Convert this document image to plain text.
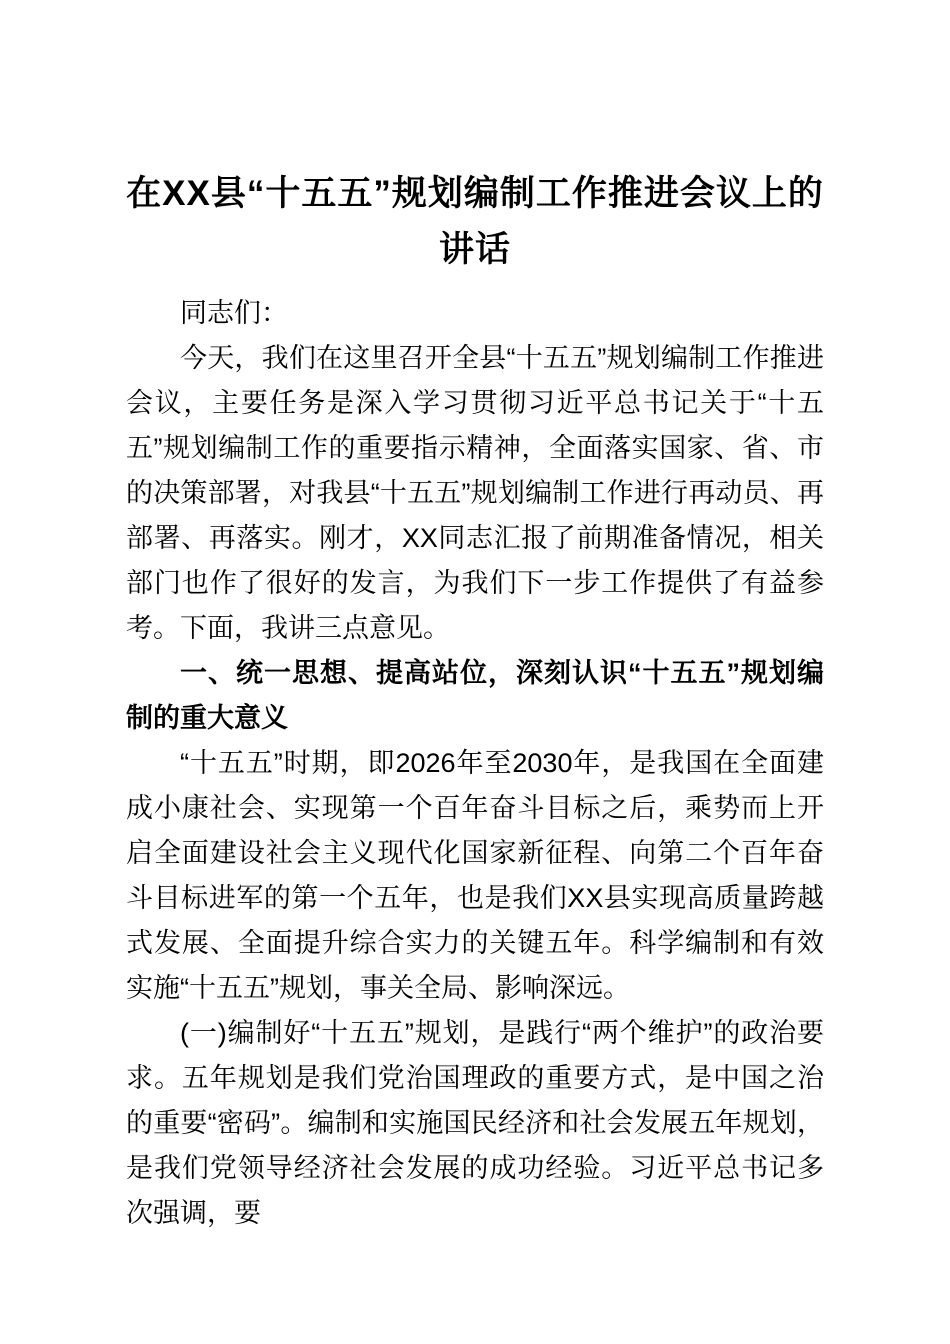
在XX县“十五五”规划编制工作推进会议上的讲话

同志们：

今天，我们在这里召开全县“十五五”规划编制工作推进会议，主要任务是深入学习贯彻习近平总书记关于“十五五”规划编制工作的重要指示精神，全面落实国家、省、市的决策部署，对我县“十五五”规划编制工作进行再动员、再部署、再落实。刚才，XX同志汇报了前期准备情况，相关部门也作了很好的发言，为我们下一步工作提供了有益参考。下面，我讲三点意见。

一、统一思想、提高站位，深刻认识“十五五”规划编制的重大意义

“十五五”时期，即2026年至2030年，是我国在全面建成小康社会、实现第一个百年奋斗目标之后，乘势而上开启全面建设社会主义现代化国家新征程、向第二个百年奋斗目标进军的第一个五年，也是我们XX县实现高质量跨越式发展、全面提升综合实力的关键五年。科学编制和有效实施“十五五”规划，事关全局、影响深远。

(一)编制好“十五五”规划，是践行“两个维护”的政治要求。五年规划是我们党治国理政的重要方式，是中国之治的重要“密码”。编制和实施国民经济和社会发展五年规划，是我们党领导经济社会发展的成功经验。习近平总书记多次强调，要
